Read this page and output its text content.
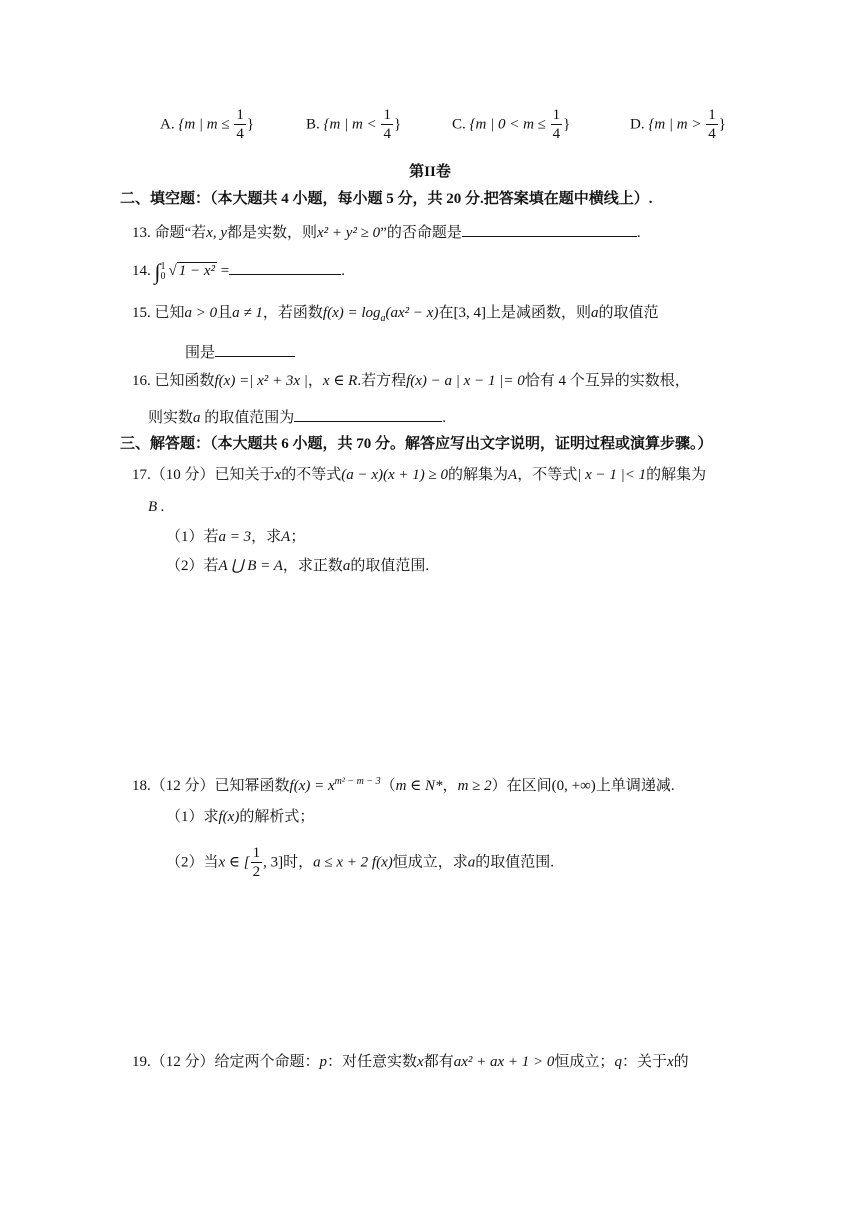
A. {m | $m \le \frac{1}{4}$ }	B. {m | $m < \frac{1}{4}$ }	C. {m | $0 < m \le \frac{1}{4}$ }	D. {m | $m > \frac{1}{4}$ }
第II卷
二、填空题：（本大题共 4 小题，每小题 5 分，共 20 分.把答案填在题中横线上）.
13. 命题“若x, y都是实数，则x² + y² ≥ 0”的否命题是	.
14. ∫ 1
0 √ 1 − x² =	.
15. 已知a > 0且a ≠ 1，若函数$f(x) = \log_a(ax^2 - x)$在[3, 4]上是减函数，则a的取值范
围是
16. 已知函数f(x) =| x² + 3x |，x ∈ R.若方程f(x) − a | x − 1 |= 0恰有 4 个互异的实数根，
则实数a 的取值范围为	.
三、解答题：（本大题共 6 小题，共 70 分。解答应写出文字说明，证明过程或演算步骤。）
17.（10 分）已知关于x的不等式(a − x)(x + 1) ≥ 0的解集为A，不等式| x − 1 |< 1的解集为
B .
（1）若a = 3，求A；
（2）若A ⋃ B = A，求正数a的取值范围.
18.（12 分）已知幂函数$f(x) = x^{m^2 - m - 3}(m$ ∈ N*，m ≥ 2）在区间(0, +∞)上单调递减.
（1）求f(x)的解析式；
（2）当x ∈ [ $\frac{1}{2}$ , 3]时，a ≤ x + 2 f(x)恒成立，求a的取值范围.
19.（12 分）给定两个命题：p：对任意实数x都有ax² + ax + 1 > 0恒成立；q：关于x的
